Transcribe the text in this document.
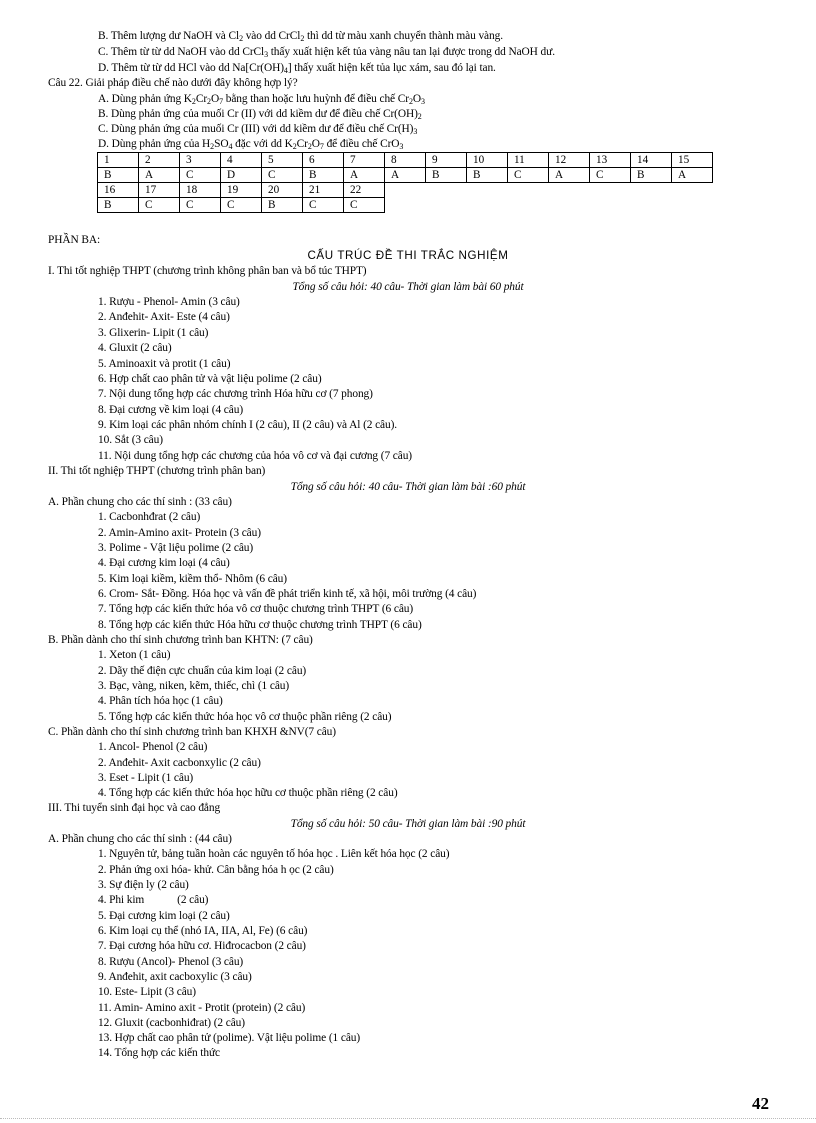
B. Thêm lượng dư NaOH và $Cl_2$ vào dd CrCl$_2$ thì dd từ màu xanh chuyển thành màu vàng.
C. Thêm từ từ dd NaOH vào dd CrCl$_3$ thấy xuất hiện kết tủa vàng nâu tan lại được trong dd NaOH dư.
D. Thêm từ từ dd HCl vào dd $Na[Cr(OH)_4]$ thấy xuất hiện kết tủa lục xám, sau đó lại tan.
Câu 22. Giải pháp điều chế nào dưới đây không hợp lý?
A. Dùng phản ứng $K_2Cr_2O_7$ bằng than hoặc lưu huỳnh để điều chế $Cr_2O_3$
B. Dùng phản ứng của muối Cr (II) với dd kiềm dư để điều chế $Cr(OH)_2$
C. Dùng phản ứng của muối Cr (III) với dd kiềm dư để điều chế $Cr(H)_3$
D. Dùng phản ứng của $H_2SO_4$ đặc với dd $K_2Cr_2O_7$ để điều chế CrO$_3$
1	2	3	4	5	6	7	8	9	10	11	12	13	14	15
B	A	C	D	C	B	A	A	B	B	C	A	C	B	A
16	17	18	19	20	21	22								
B	C	C	C	B	C	C								
PHẦN BA:
CẤU TRÚC ĐỀ THI TRẮC NGHIỆM
I. Thi tốt nghiệp THPT (chương trình không phân ban và bổ túc THPT)
Tổng số câu hỏi: 40 câu- Thời gian làm bài 60 phút
1. Rượu - Phenol- Amin (3 câu)
2. Anđehit- Axit- Este (4 câu)
3. Glixerin- Lipit (1 câu)
4. Gluxit (2 câu)
5. Aminoaxit và protit (1 câu)
6. Hợp chất cao phân tử và vật liệu polime (2 câu)
7. Nội dung tổng hợp các chương trình Hóa hữu cơ (7 phong)
8. Đại cương về kim loại (4 câu)
9. Kim loại các phân nhóm chính I (2 câu), II (2 câu) và Al (2 câu).
10. Sắt (3 câu)
11. Nội dung tổng hợp các chương của hóa vô cơ và đại cương (7 câu)
II. Thi tốt nghiệp THPT (chương trình phân ban)
Tổng số câu hỏi: 40 câu- Thời gian làm bài :60 phút
A. Phần chung cho các thí sinh : (33 câu)
1. Cacbonhđrat (2 câu)
2. Amin-Amino axit- Protein (3 câu)
3. Polime - Vật liệu polime (2 câu)
4. Đại cương kim loại (4 câu)
5. Kim loại kiềm, kiềm thổ- Nhôm (6 câu)
6. Crom- Sắt- Đồng. Hóa học và vấn đề phát triển kinh tế, xã hội, môi trường (4 câu)
7. Tổng hợp các kiến thức hóa vô cơ thuộc chương trình THPT (6 câu)
8. Tổng hợp các kiến thức Hóa hữu cơ thuộc chương trình THPT (6 câu)
B. Phần dành cho thí sinh chương trình ban KHTN: (7 câu)
1. Xeton (1 câu)
2. Dãy thế điện cực chuẩn của kim loại (2 câu)
3. Bạc, vàng, niken, kẽm, thiếc, chì (1 câu)
4. Phân tích hóa học (1 câu)
5. Tổng hợp các kiến thức hóa học vô cơ thuộc phần riêng (2 câu)
C. Phần dành cho thí sinh chương trình ban KHXH &NV(7 câu)
1. Ancol- Phenol (2 câu)
2. Anđehit- Axit cacbonxylic (2 câu)
3. Eset - Lipit (1 câu)
4. Tổng hợp các kiến thức hóa học hữu cơ thuộc phần riêng (2 câu)
III. Thi tuyển sinh đại học và cao đẳng
Tổng số câu hỏi: 50 câu- Thời gian làm bài :90 phút
A. Phần chung cho các thí sinh : (44 câu)
1. Nguyên tử, bảng tuần hoàn các nguyên tố hóa học . Liên kết hóa học (2 câu)
2. Phản ứng oxi hóa- khử. Cân bằng hóa h ọc (2 câu)
3. Sự điện ly (2 câu)
4. Phi kim            (2 câu)
5. Đại cương kim loại (2 câu)
6. Kim loại cụ thể (nhó IA, IIA, Al, Fe) (6 câu)
7. Đại cương hóa hữu cơ. Hiđrocacbon (2 câu)
8. Rượu (Ancol)- Phenol (3 câu)
9. Anđehit, axit cacboxylic (3 câu)
10. Este- Lipit (3 câu)
11. Amin- Amino axit - Protit (protein) (2 câu)
12. Gluxit (cacbonhiđrat) (2 câu)
13. Hợp chất cao phân tử (polime). Vật liệu polime (1 câu)
14. Tổng hợp các kiến thức
42
